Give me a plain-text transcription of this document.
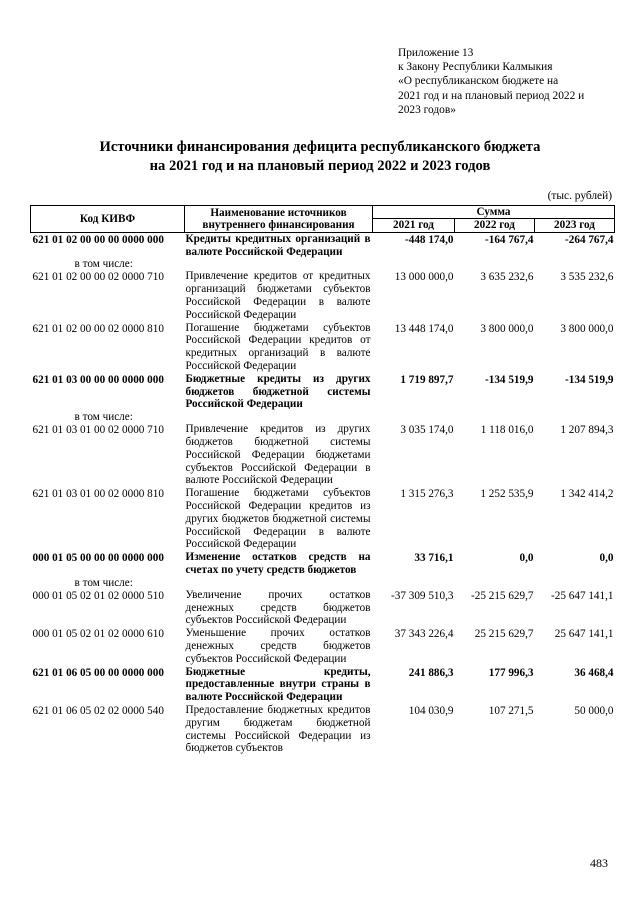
Приложение 13
к Закону Республики Калмыкия
«О республиканском бюджете на
2021 год и на плановый период 2022 и
2023 годов»
Источники финансирования дефицита республиканского бюджета
на 2021 год и на плановый период 2022 и 2023 годов
(тыс. рублей)
Код КИВФ	Наименование источников внутреннего финансирования	Сумма		
		2021 год	2022 год	2023 год
621 01 02 00 00 00 0000 000	Кредиты кредитных организаций в валюте Российской Федерации	-448 174,0	-164 767,4	-264 767,4
в том числе:				
621 01 02 00 00 02 0000 710	Привлечение кредитов от кредитных организаций бюджетами субъектов Российской Федерации в валюте Российской Федерации	13 000 000,0	3 635 232,6	3 535 232,6
621 01 02 00 00 02 0000 810	Погашение бюджетами субъектов Российской Федерации кредитов от кредитных организаций в валюте Российской Федерации	13 448 174,0	3 800 000,0	3 800 000,0
621 01 03 00 00 00 0000 000	Бюджетные кредиты из других бюджетов бюджетной системы Российской Федерации	1 719 897,7	-134 519,9	-134 519,9
в том числе:				
621 01 03 01 00 02 0000 710	Привлечение кредитов из других бюджетов бюджетной системы Российской Федерации бюджетами субъектов Российской Федерации в валюте Российской Федерации	3 035 174,0	1 118 016,0	1 207 894,3
621 01 03 01 00 02 0000 810	Погашение бюджетами субъектов Российской Федерации кредитов из других бюджетов бюджетной системы Российской Федерации в валюте Российской Федерации	1 315 276,3	1 252 535,9	1 342 414,2
000 01 05 00 00 00 0000 000	Изменение остатков средств на счетах по учету средств бюджетов	33 716,1	0,0	0,0
в том числе:				
000 01 05 02 01 02 0000 510	Увеличение прочих остатков денежных средств бюджетов субъектов Российской Федерации	-37 309 510,3	-25 215 629,7	-25 647 141,1
000 01 05 02 01 02 0000 610	Уменьшение прочих остатков денежных средств бюджетов субъектов Российской Федерации	37 343 226,4	25 215 629,7	25 647 141,1
621 01 06 05 00 00 0000 000	Бюджетные кредиты, предоставленные внутри страны в валюте Российской Федерации	241 886,3	177 996,3	36 468,4
621 01 06 05 02 02 0000 540	Предоставление бюджетных кредитов другим бюджетам бюджетной системы Российской Федерации из бюджетов субъектов	104 030,9	107 271,5	50 000,0
483
